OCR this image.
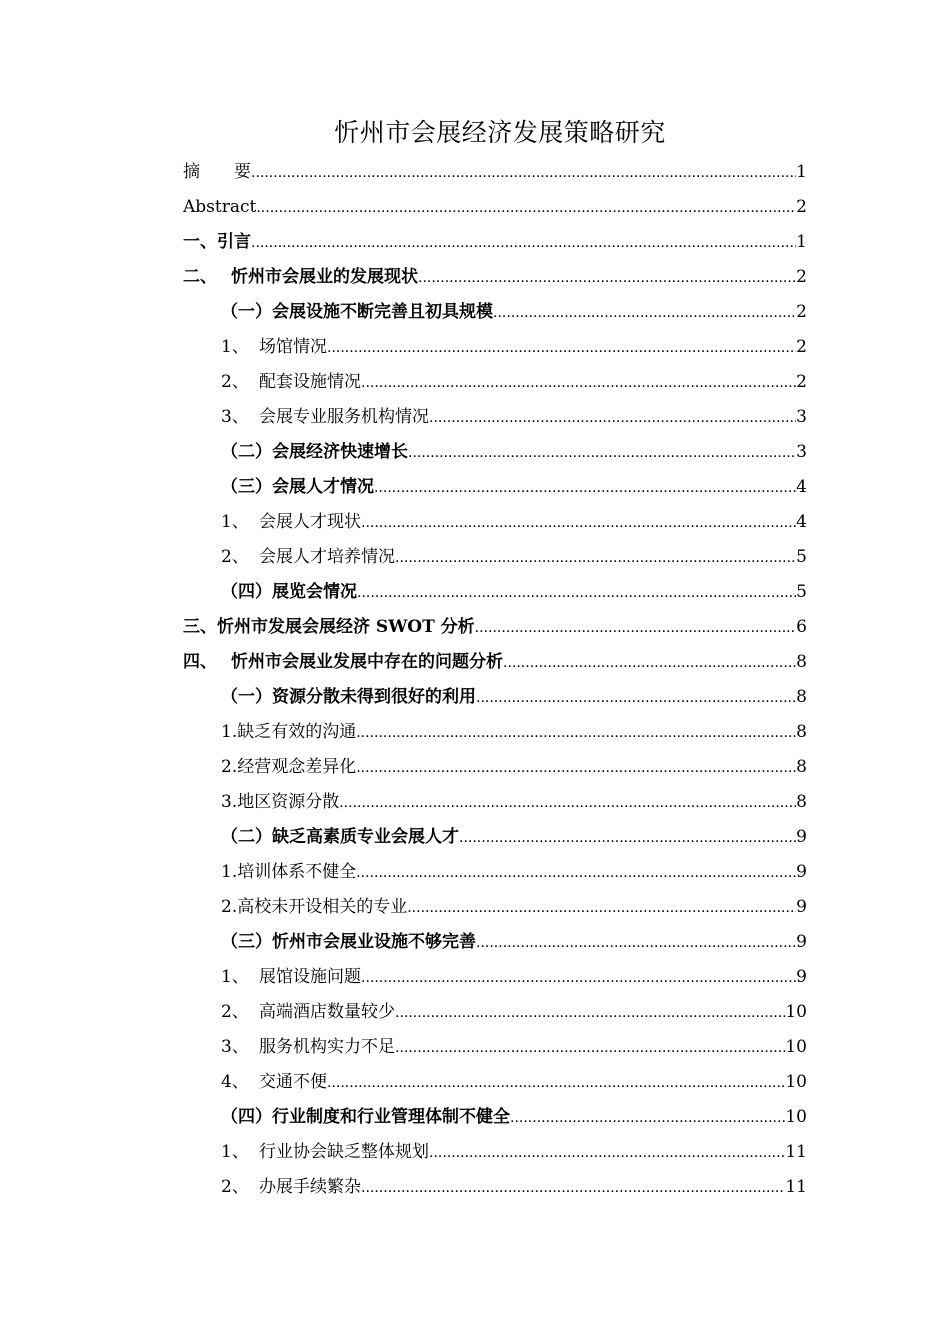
忻州市会展经济发展策略研究
摘　　要 .....	1
Abstract .....	2
一、引言 .....	1
二、 忻州市会展业的发展现状 .....	2
（一）会展设施不断完善且初具规模 .....	2
1、 场馆情况 .....	2
2、 配套设施情况 .....	2
3、 会展专业服务机构情况 .....	3
（二）会展经济快速增长 .....	3
（三）会展人才情况 .....	4
1、 会展人才现状 .....	4
2、 会展人才培养情况 .....	5
（四）展览会情况 .....	5
三、忻州市发展会展经济 SWOT 分析 .....	6
四、 忻州市会展业发展中存在的问题分析 .....	8
（一）资源分散未得到很好的利用 .....	8
1.缺乏有效的沟通 .....	8
2.经营观念差异化 .....	8
3.地区资源分散 .....	8
（二）缺乏高素质专业会展人才 .....	9
1.培训体系不健全 .....	9
2.高校未开设相关的专业 .....	9
（三）忻州市会展业设施不够完善 .....	9
1、 展馆设施问题 .....	9
2、 高端酒店数量较少 .....	10
3、 服务机构实力不足 .....	10
4、 交通不便 .....	10
（四）行业制度和行业管理体制不健全 .....	10
1、 行业协会缺乏整体规划 .....	11
2、 办展手续繁杂 .....	11
